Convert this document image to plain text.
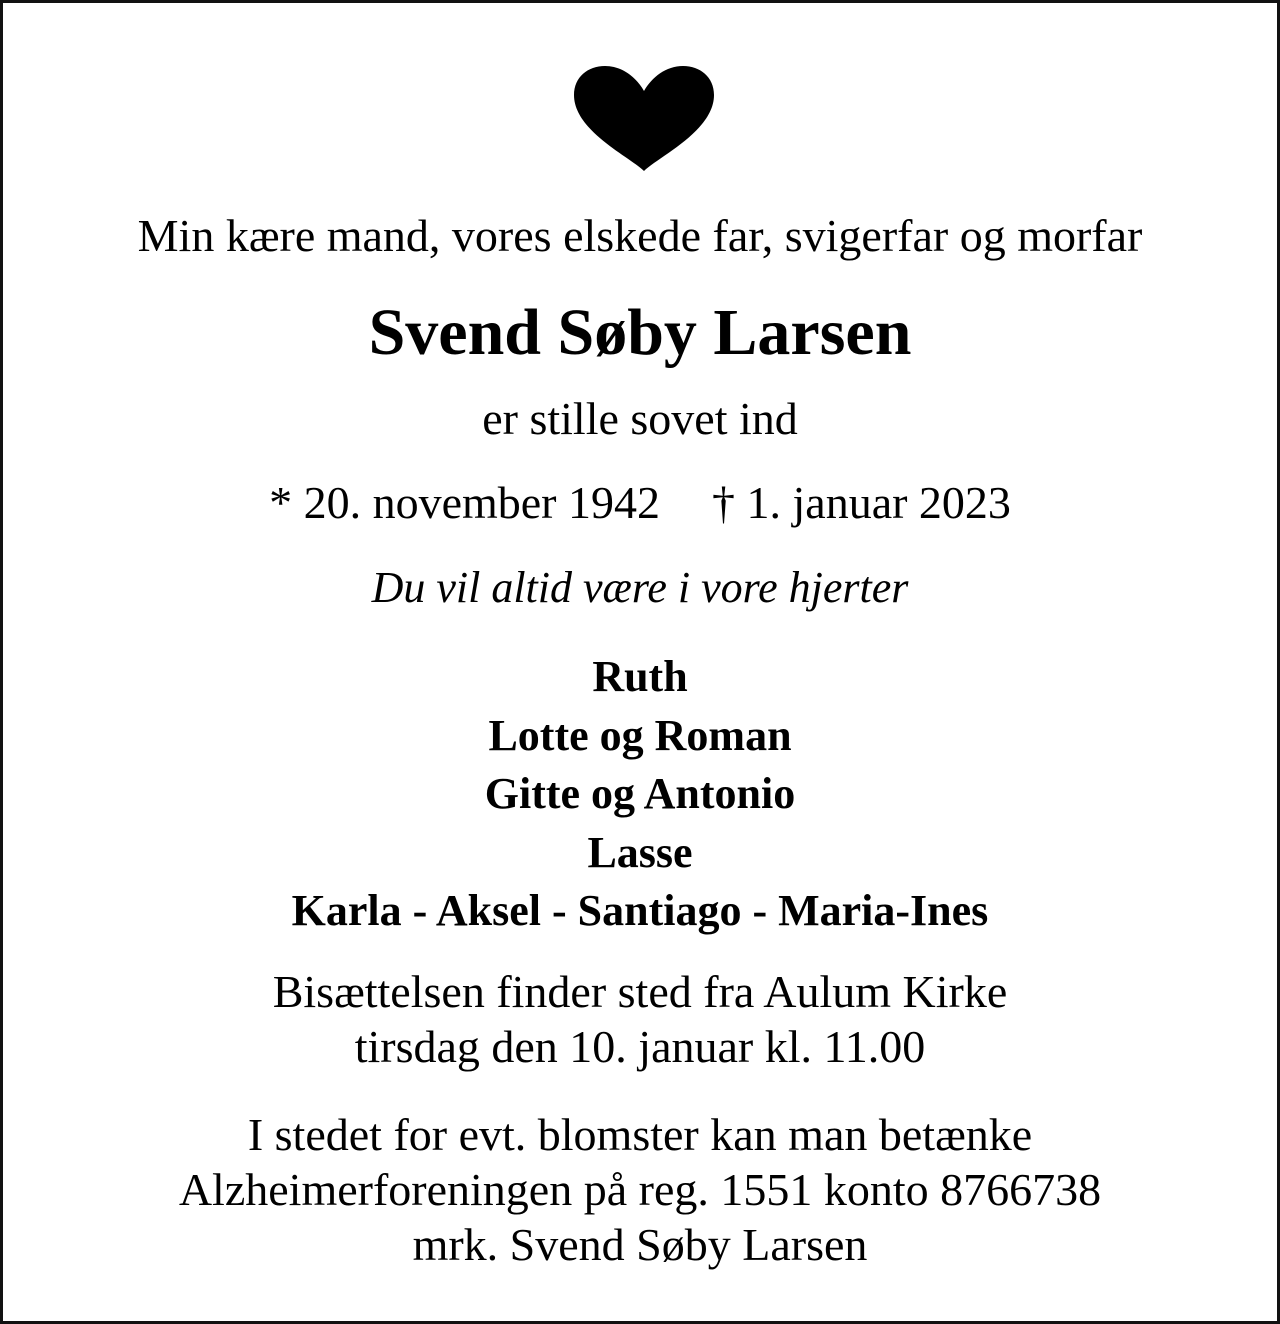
Min kære mand, vores elskede far, svigerfar og morfar
Svend Søby Larsen
er stille sovet ind
* 20. november 1942 † 1. januar 2023
Du vil altid være i vore hjerter
Ruth
Lotte og Roman
Gitte og Antonio
Lasse
Karla - Aksel - Santiago - Maria-Ines
Bisættelsen finder sted fra Aulum Kirke
tirsdag den 10. januar kl. 11.00
I stedet for evt. blomster kan man betænke
Alzheimerforeningen på reg. 1551 konto 8766738
mrk. Svend Søby Larsen
